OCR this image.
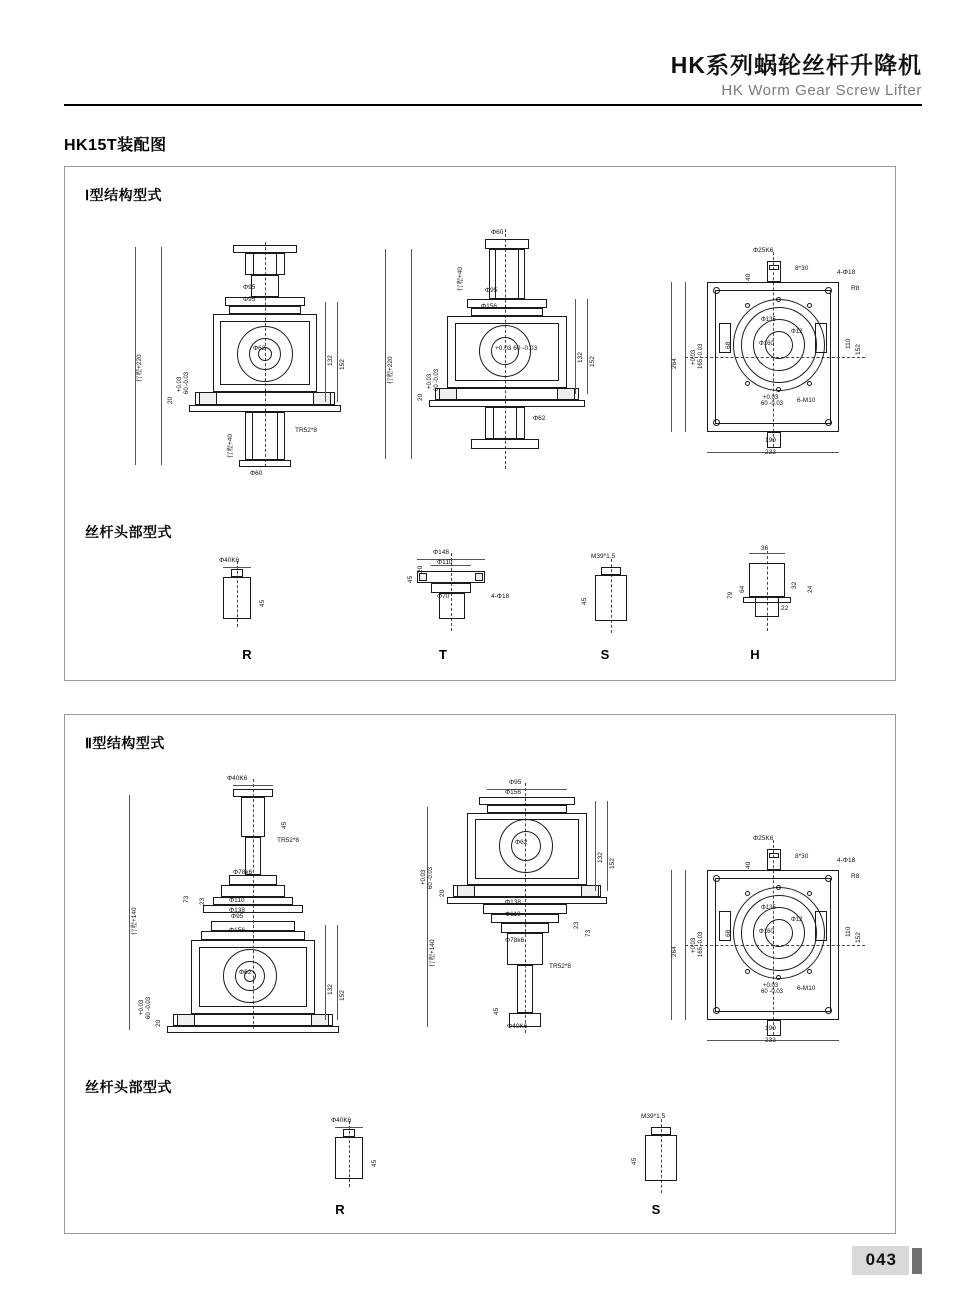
HK系列蜗轮丝杆升降机
HK Worm Gear Screw Lifter
HK15T装配图
Ⅰ型结构型式
行程+220
Φ95
Φ95
152
132
Φ62
20
+0.03 60 -0.03
行程+40
TR52*8
Φ60
Φ60
行程+40	Φ95
Φ156
152
132
行程+220
20
+0.03 60 -0.03
+0.03 60 -0.03
Φ62
Φ25K6
8*30
4-Φ18
R8
40
264 +0.03 165 -0.03	68
Φ135
Φ12
Φ160	110
152
+0.03
60 -0.03 6-M10
190
233
丝杆头部型式
Φ40K6
45
R
Φ148
Φ110
Φ70	4-Φ18
45
20
T
M39*1.5
45
S
36
32
24
64
79
22
H
Ⅱ型结构型式
Φ40K6
45
TR52*8
Φ78k6
Φ110
Φ138
73 23
Φ95
Φ156
Φ62
行程+140
132
152
20
+0.03 60 -0.03
Φ95
Φ156
Φ62
Φ138
Φ110
23
73
Φ78k6
TR52*8
45
Φ40K6
132
152
行程+140
20
+0.03 60 -0.03
Φ25K6
8*30
4-Φ18
R8
40
264 +0.03 165 -0.03	68
Φ135
Φ12
Φ160	110
152
+0.03
60 -0.03 6-M10
190
233
丝杆头部型式
Φ40K6
45
R
M39*1.5
45
S
043
